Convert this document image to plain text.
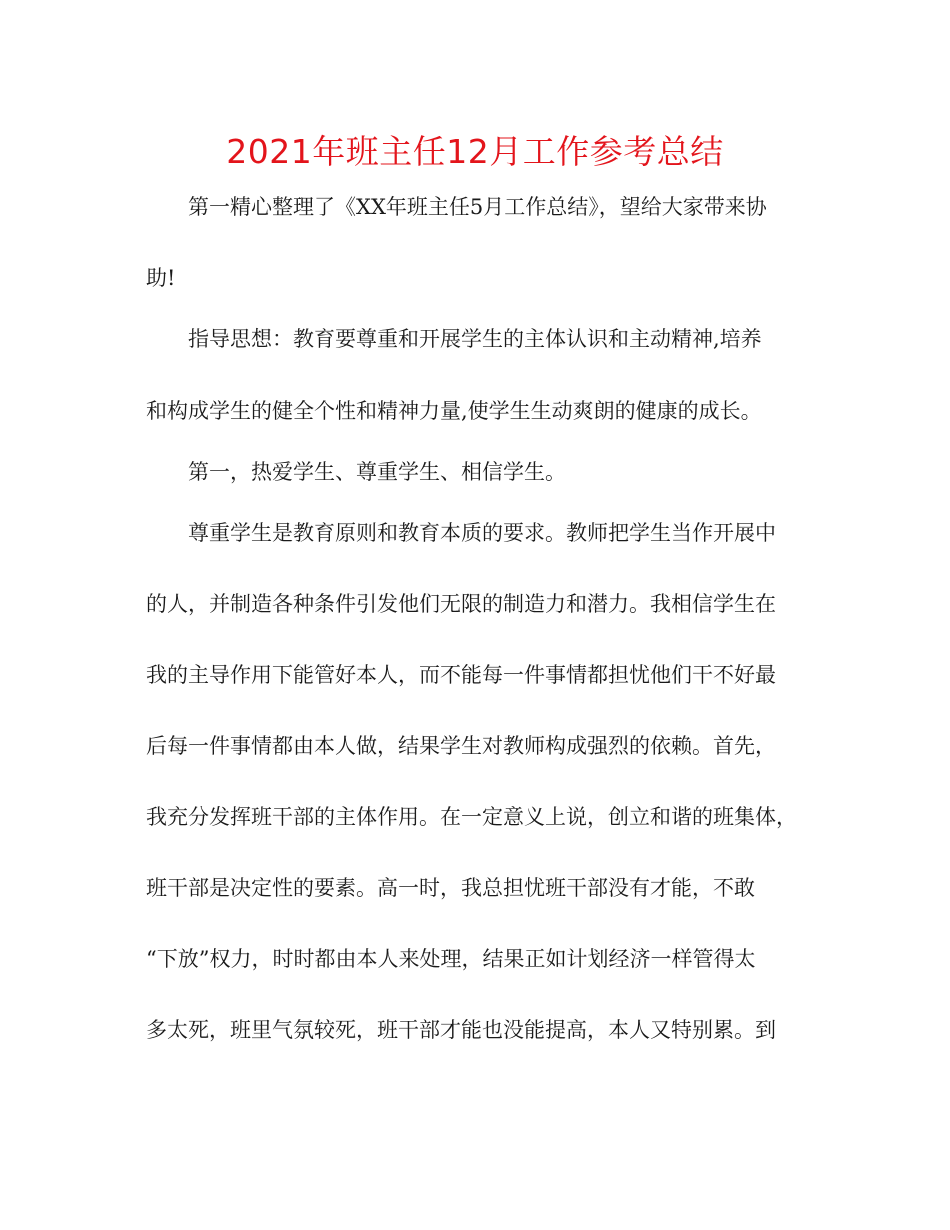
2021年班主任12月工作参考总结

第一精心整理了《XX年班主任5月工作总结》，望给大家带来协

助!

指导思想：教育要尊重和开展学生的主体认识和主动精神,培养

和构成学生的健全个性和精神力量,使学生生动爽朗的健康的成长。

第一，热爱学生、尊重学生、相信学生。

尊重学生是教育原则和教育本质的要求。教师把学生当作开展中

的人，并制造各种条件引发他们无限的制造力和潜力。我相信学生在

我的主导作用下能管好本人，而不能每一件事情都担忧他们干不好最

后每一件事情都由本人做，结果学生对教师构成强烈的依赖。首先，

我充分发挥班干部的主体作用。在一定意义上说，创立和谐的班集体，

班干部是决定性的要素。高一时，我总担忧班干部没有才能，不敢

“下放”权力，时时都由本人来处理，结果正如计划经济一样管得太

多太死，班里气氛较死，班干部才能也没能提高，本人又特别累。到
